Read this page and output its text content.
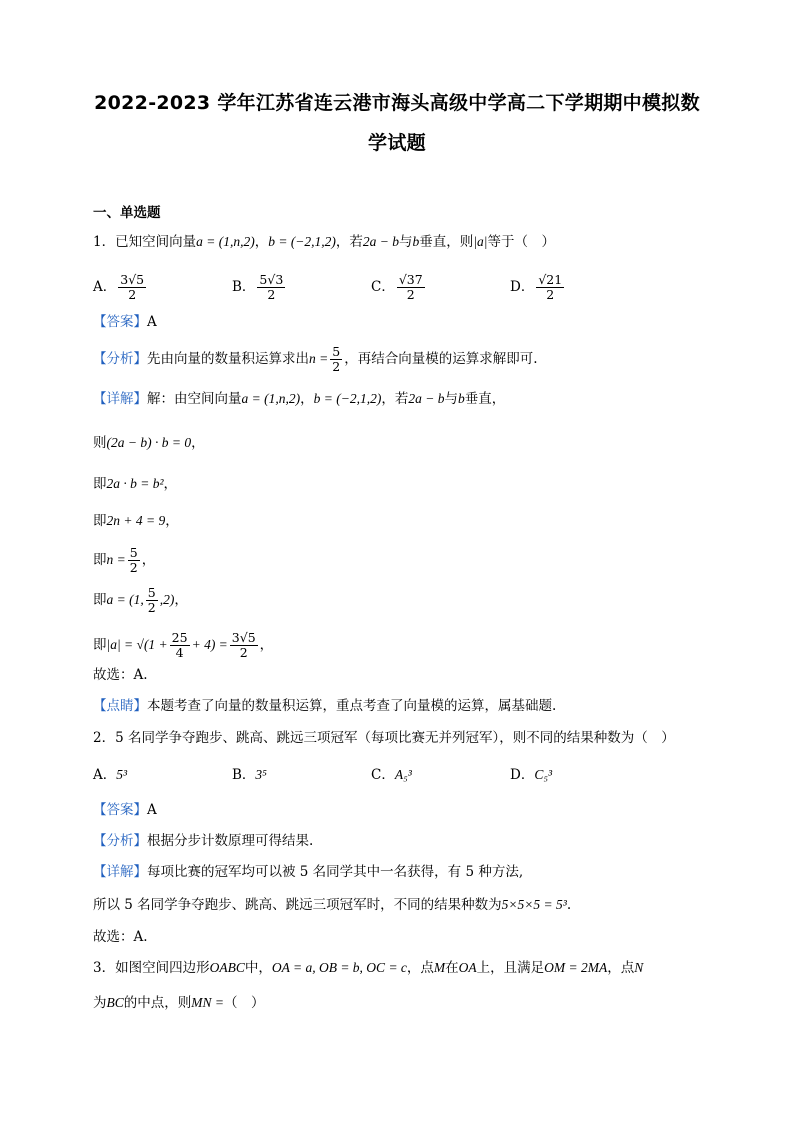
2022-2023 学年江苏省连云港市海头高级中学高二下学期期中模拟数
学试题
一、单选题
1．已知空间向量a = (1,n,2)，b = (−2,1,2)，若2a − b与b垂直，则|a|等于（　）
A． $\frac{3√5}{2}$	B． $\frac{5√3}{2}$	C． $\frac{√37}{2}$	D． $\frac{√21}{2}$
【答案】A
【分析】先由向量的数量积运算求出$n = \frac{5}{2}$ ，再结合向量模的运算求解即可.
【详解】解：由空间向量a = (1,n,2)，b = (−2,1,2)，若2a − b与b垂直，
则(2a − b) · b = 0，
即2a · b = b²，
即2n + 4 = 9，
即$n = \frac{5}{2}$ ，
即a = (1, $\frac{5}{2} ,2$)，
即$|a| = √(1 + \frac{25}{4} + 4) = \frac{3√5}{2}$ ，
故选：A.
【点睛】本题考查了向量的数量积运算，重点考查了向量模的运算，属基础题.
2．5 名同学争夺跑步、跳高、跳远三项冠军（每项比赛无并列冠军），则不同的结果种数为（　）
A．5³	B．3⁵	C．A₅³	D．C₅³
【答案】A
【分析】根据分步计数原理可得结果.
【详解】每项比赛的冠军均可以被 5 名同学其中一名获得，有 5 种方法,
所以 5 名同学争夺跑步、跳高、跳远三项冠军时，不同的结果种数为5×5×5 = 5³.
故选：A.
3．如图空间四边形OABC中，OA = a, OB = b, OC = c，点M在OA上，且满足OM = 2MA，点N
为BC的中点，则MN =（　）
